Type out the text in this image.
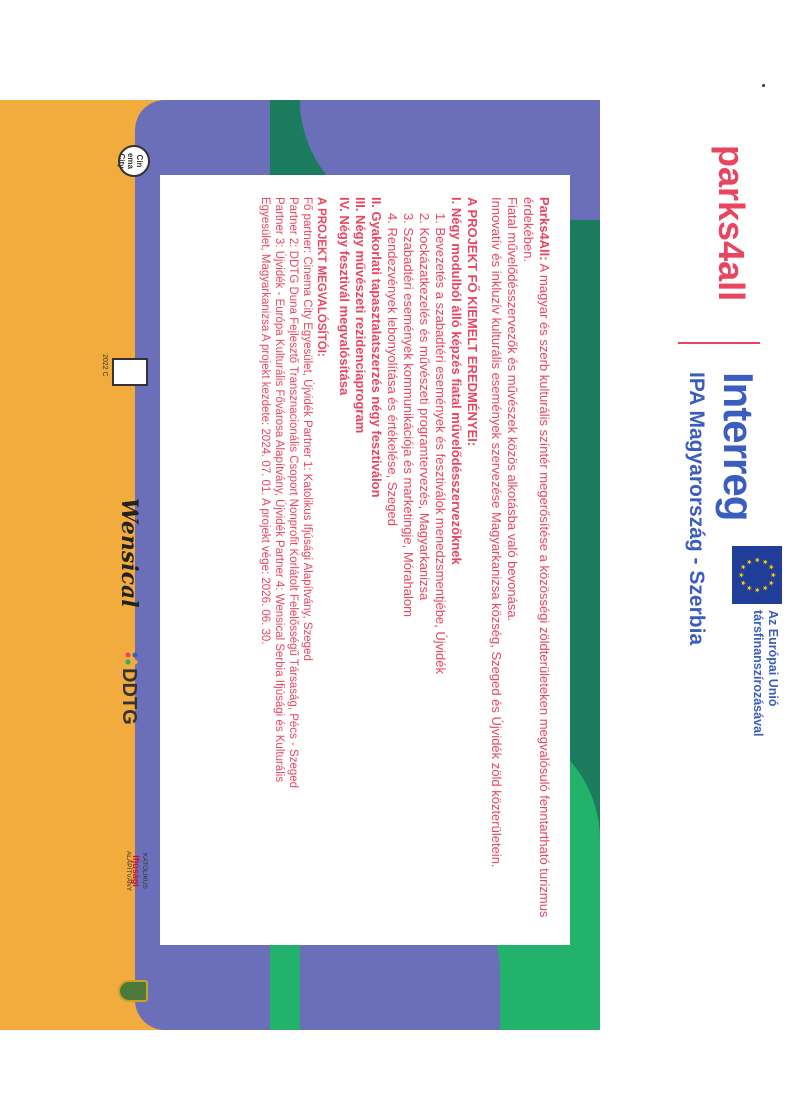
parks4all
Interreg
IPA Magyarország - Szerbia	★
★
★
★
★
★
★
★
★ ★ ★
★
Az Európai Unió
társfinanszírozásával

Parks4All: A magyar és szerb kulturális színtér megerősítése a közösségi zöldterületeken megvalósuló fenntartható turizmus érdekében.

Fiatal művelődésszervezők és művészek közös alkotásba való bevonása.

Innovatív és inkluzív kulturális események szervezése Magyarkanizsa község, Szeged és Újvidék zöld közterületein.

A PROJEKT FŐ KIEMELT EREDMÉNYEI:

I. Négy modulból álló képzés fiatal művelődésszervezőknek

1. Bevezetés a szabadtéri események és fesztiválok menedzsmentjébe, Újvidék

2. Kockázatkezelés és művészeti programtervezés, Magyarkanizsa

3. Szabadtéri események kommunikációja és marketingje, Mórahalom

4. Rendezvények lebonyolítása és értékelése, Szeged

II. Gyakorlati tapasztalatszerzés négy fesztiválon

III. Négy művészeti rezidenciaprogram

IV. Négy fesztivál megvalósítása

A PROJEKT MEGVALÓSÍTÓI:

Fő partner: Cinema City Egyesület, Újvidék Partner 1: Katolikus Ifjúsági Alapítvány, Szeged

Partner 2: DDTG Duna Fejlesztő Transznacionális Csoport Nonprofit Korlátolt Felelősségű Társaság, Pécs - Szeged

Partner 3: Újvidék - Európa Kulturális Fővárosa Alapítvány, Újvidék Partner 4: Wensical Serbia Ifjúsági és Kulturális

Egyesület, Magyarkanizsa A projekt kezdete: 2024. 07. 01. A projekt vége: 2026. 06. 30.

Cin ema City
2022 C
Wensical
DDTG
KATOLIKUS
Ifjúsági
ALAPÍTVÁNY
